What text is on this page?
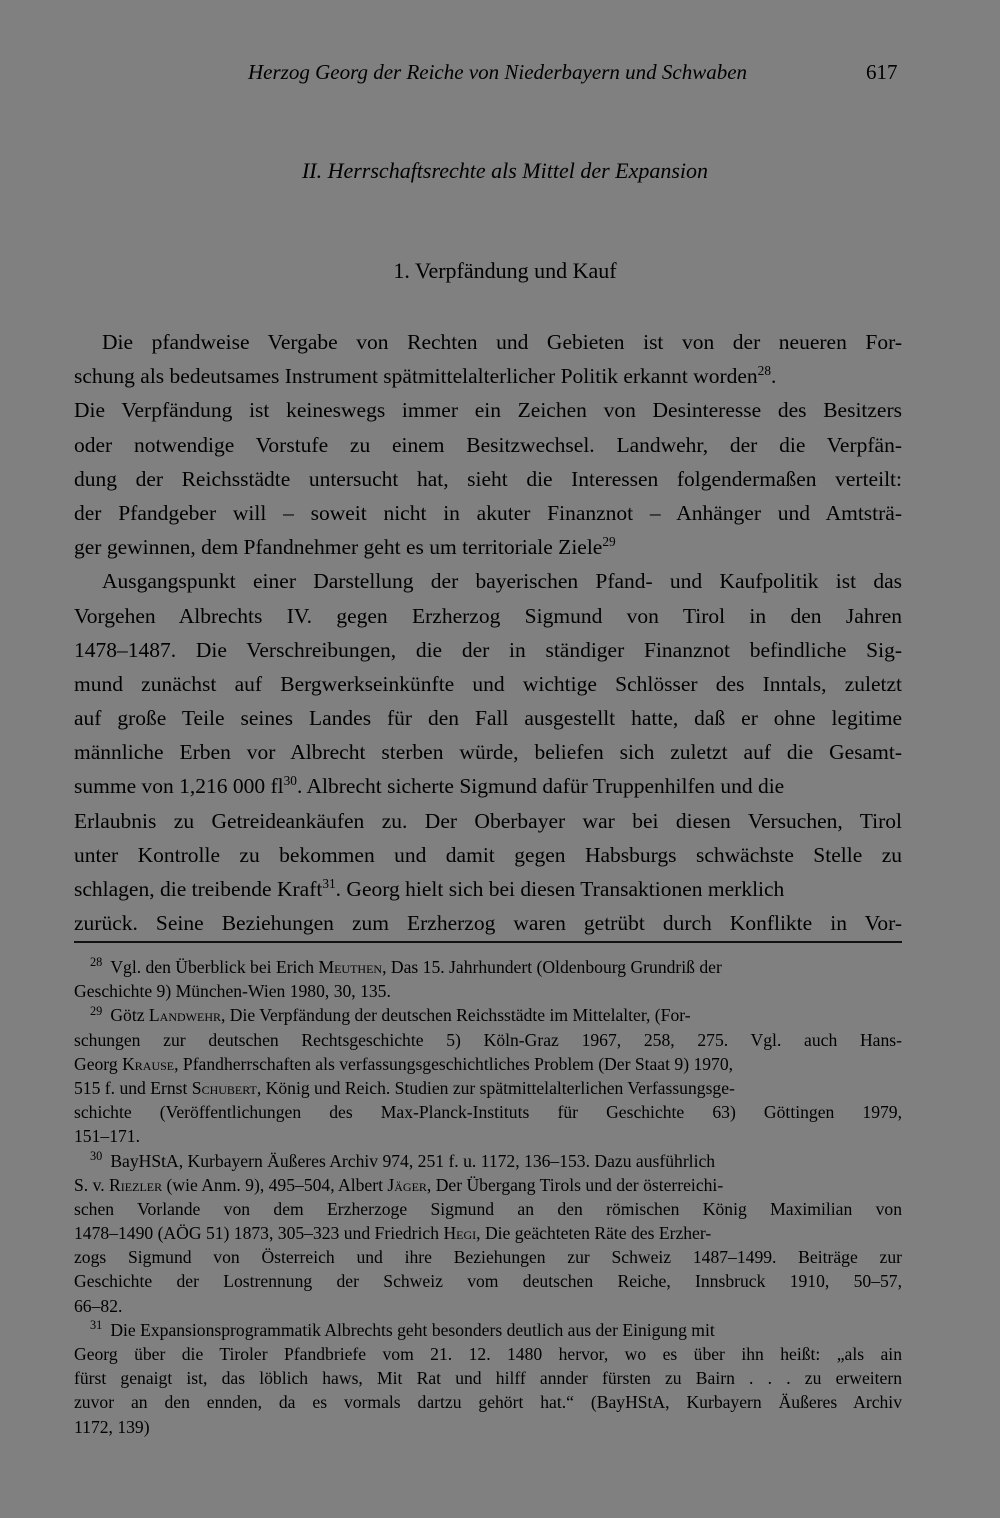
Herzog Georg der Reiche von Niederbayern und Schwaben	617
II. Herrschaftsrechte als Mittel der Expansion
1. Verpfändung und Kauf
Die pfandweise Vergabe von Rechten und Gebieten ist von der neueren For-
schung als bedeutsames Instrument spätmittelalterlicher Politik erkannt worden$^{28}$.
Die Verpfändung ist keineswegs immer ein Zeichen von Desinteresse des Besitzers
oder notwendige Vorstufe zu einem Besitzwechsel. Landwehr, der die Verpfän-
dung der Reichsstädte untersucht hat, sieht die Interessen folgendermaßen verteilt:
der Pfandgeber will – soweit nicht in akuter Finanznot – Anhänger und Amtsträ-
ger gewinnen, dem Pfandnehmer geht es um territoriale Ziele$^{29}$
Ausgangspunkt einer Darstellung der bayerischen Pfand- und Kaufpolitik ist das
Vorgehen Albrechts IV. gegen Erzherzog Sigmund von Tirol in den Jahren
1478–1487. Die Verschreibungen, die der in ständiger Finanznot befindliche Sig-
mund zunächst auf Bergwerkseinkünfte und wichtige Schlösser des Inntals, zuletzt
auf große Teile seines Landes für den Fall ausgestellt hatte, daß er ohne legitime
männliche Erben vor Albrecht sterben würde, beliefen sich zuletzt auf die Gesamt-
summe von 1,216 000 $fl^{30}$. Albrecht sicherte Sigmund dafür Truppenhilfen und die
Erlaubnis zu Getreideankäufen zu. Der Oberbayer war bei diesen Versuchen, Tirol
unter Kontrolle zu bekommen und damit gegen Habsburgs schwächste Stelle zu
schlagen, die treibende Kraft$^{31}$. Georg hielt sich bei diesen Transaktionen merklich
zurück. Seine Beziehungen zum Erzherzog waren getrübt durch Konflikte in Vor-
$^{28}$ Vgl. den Überblick bei Erich Meuthen, Das 15. Jahrhundert (Oldenbourg Grundriß der
Geschichte 9) München-Wien 1980, 30, 135.
$^{29}$ Götz Landwehr, Die Verpfändung der deutschen Reichsstädte im Mittelalter, (For-
schungen zur deutschen Rechtsgeschichte 5) Köln-Graz 1967, 258, 275. Vgl. auch Hans-
Georg Krause, Pfandherrschaften als verfassungsgeschichtliches Problem (Der Staat 9) 1970,
515 f. und Ernst Schubert, König und Reich. Studien zur spätmittelalterlichen Verfassungsge-
schichte (Veröffentlichungen des Max-Planck-Instituts für Geschichte 63) Göttingen 1979,
151–171.
$^{30}$ BayHStA, Kurbayern Äußeres Archiv 974, 251 f. u. 1172, 136–153. Dazu ausführlich
S. v. Riezler (wie Anm. 9), 495–504, Albert Jäger, Der Übergang Tirols und der österreichi-
schen Vorlande von dem Erzherzoge Sigmund an den römischen König Maximilian von
1478–1490 (AÖG 51) 1873, 305–323 und Friedrich Hegi, Die geächteten Räte des Erzher-
zogs Sigmund von Österreich und ihre Beziehungen zur Schweiz 1487–1499. Beiträge zur
Geschichte der Lostrennung der Schweiz vom deutschen Reiche, Innsbruck 1910, 50–57,
66–82.
$^{31}$ Die Expansionsprogrammatik Albrechts geht besonders deutlich aus der Einigung mit
Georg über die Tiroler Pfandbriefe vom 21. 12. 1480 hervor, wo es über ihn heißt: „als ain
fürst genaigt ist, das löblich haws, Mit Rat und hilff annder fürsten zu Bairn . . . zu erweitern
zuvor an den ennden, da es vormals dartzu gehört hat.“ (BayHStA, Kurbayern Äußeres Archiv
1172, 139)
